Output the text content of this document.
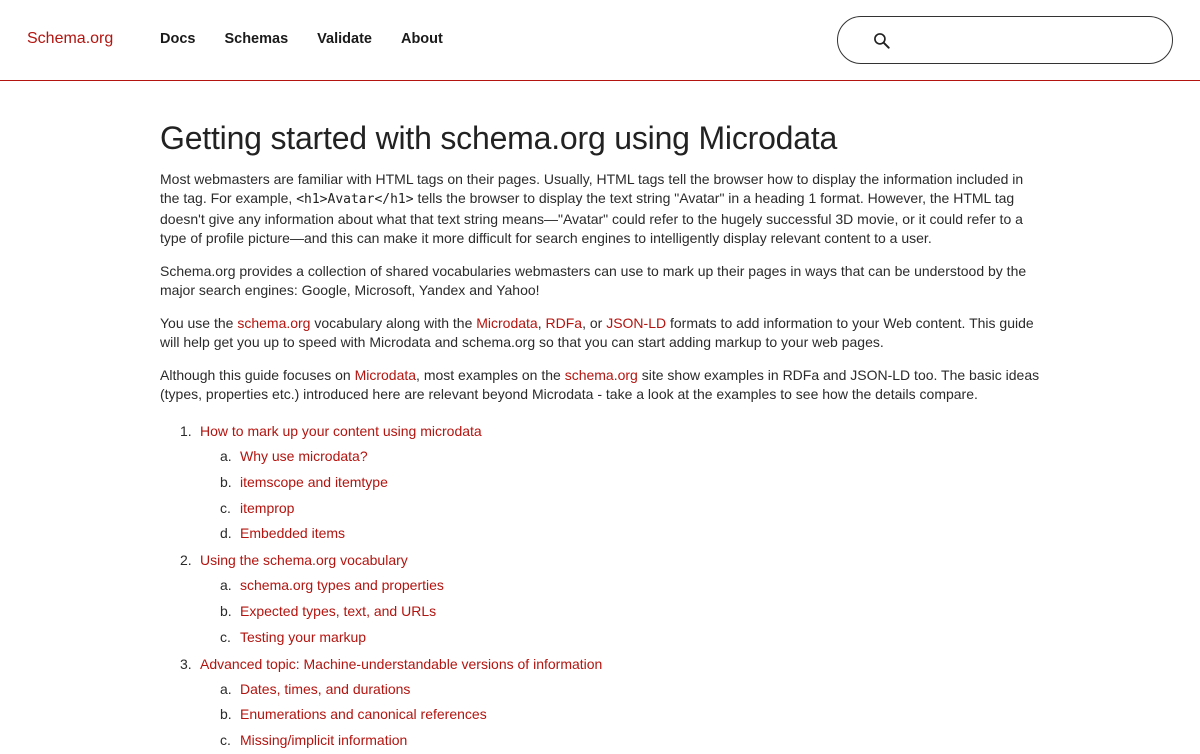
Schema.org	Docs Schemas Validate About
Getting started with schema.org using Microdata

Most webmasters are familiar with HTML tags on their pages. Usually, HTML tags tell the browser how to display the information included in the tag. For example, <h1>Avatar</h1> tells the browser to display the text string "Avatar" in a heading 1 format. However, the HTML tag doesn't give any information about what that text string means—"Avatar" could refer to the hugely successful 3D movie, or it could refer to a type of profile picture—and this can make it more difficult for search engines to intelligently display relevant content to a user.

Schema.org provides a collection of shared vocabularies webmasters can use to mark up their pages in ways that can be understood by the major search engines: Google, Microsoft, Yandex and Yahoo!

You use the schema.org vocabulary along with the Microdata, RDFa, or JSON-LD formats to add information to your Web content. This guide will help get you up to speed with Microdata and schema.org so that you can start adding markup to your web pages.

Although this guide focuses on Microdata, most examples on the schema.org site show examples in RDFa and JSON-LD too. The basic ideas (types, properties etc.) introduced here are relevant beyond Microdata - take a look at the examples to see how the details compare.

1. How to mark up your content using microdata
a. Why use microdata?
b. itemscope and itemtype
c. itemprop
d. Embedded items
2. Using the schema.org vocabulary
a. schema.org types and properties
b. Expected types, text, and URLs
c. Testing your markup
3. Advanced topic: Machine-understandable versions of information
a. Dates, times, and durations
b. Enumerations and canonical references
c. Missing/implicit information
